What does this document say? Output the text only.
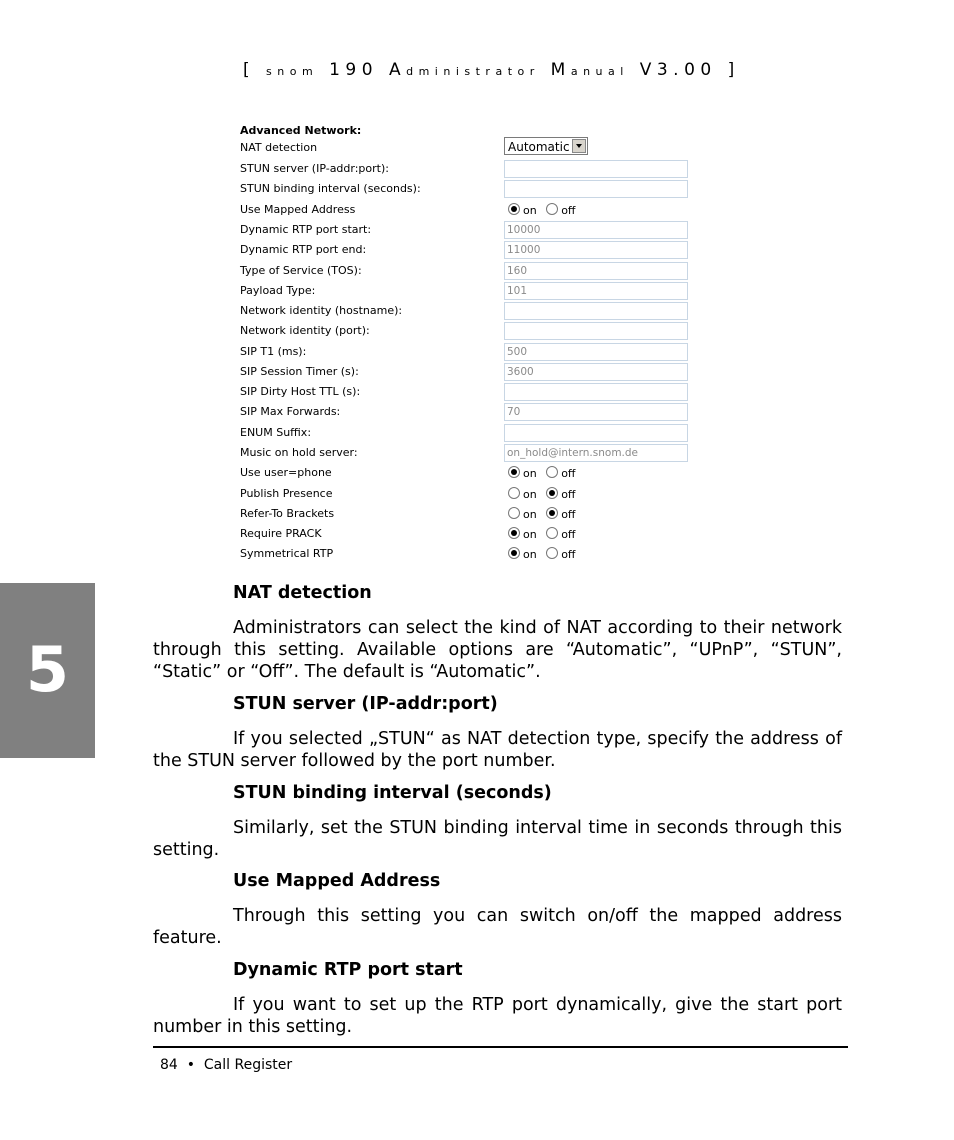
[ snom 190 Administrator Manual V3.00 ]
Advanced Network:
NAT detection	Automatic
STUN server (IP-addr:port):
STUN binding interval (seconds):
Use Mapped Address	on off
Dynamic RTP port start:	10000
Dynamic RTP port end:	11000
Type of Service (TOS):	160
Payload Type:	101
Network identity (hostname):
Network identity (port):
SIP T1 (ms):	500
SIP Session Timer (s):	3600
SIP Dirty Host TTL (s):
SIP Max Forwards:	70
ENUM Suffix:
Music on hold server:	on_hold@intern.snom.de
Use user=phone	on off
Publish Presence	on off
Refer-To Brackets	on off
Require PRACK	on off
Symmetrical RTP	on off
5
NAT detection

Administrators can select the kind of NAT according to their network through this setting. Available options are “Automatic”, “UPnP”, “STUN”, “Static” or “Off”. The default is “Automatic”.

STUN server (IP-addr:port)

If you selected „STUN“ as NAT detection type, specify the address of the STUN server followed by the port number.

STUN binding interval (seconds)

Similarly, set the STUN binding interval time in seconds through this setting.

Use Mapped Address

Through this setting you can switch on/off the mapped address feature.

Dynamic RTP port start

If you want to set up the RTP port dynamically, give the start port number in this setting.

84 • Call Register
